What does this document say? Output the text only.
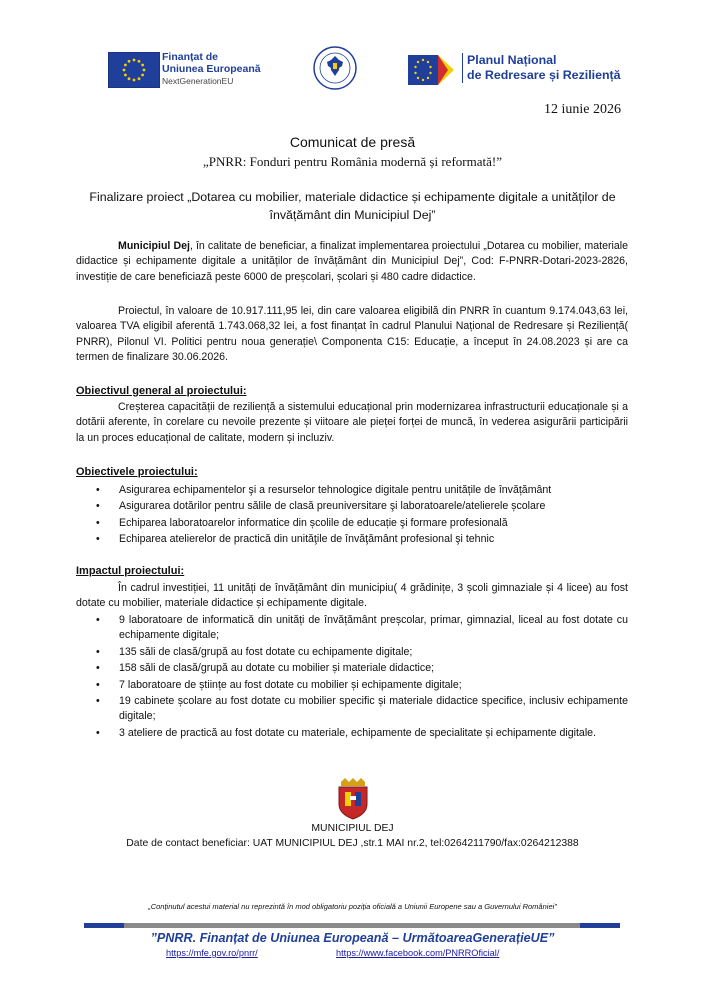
Finanțat de
Uniunea Europeană
NextGenerationEU
Planul Național
de Redresare și Reziliență
12 iunie 2026
Comunicat de presă
„PNRR: Fonduri pentru România modernă și reformată!”
Finalizare proiect „Dotarea cu mobilier, materiale didactice și echipamente digitale a unităților de învățământ din Municipiul Dej”
Municipiul Dej, în calitate de beneficiar, a finalizat implementarea proiectului „Dotarea cu mobilier, materiale didactice și echipamente digitale a unităților de învățământ din Municipiul Dej”, Cod: F-PNRR-Dotari-2023-2826, investiție de care beneficiază peste 6000 de preșcolari, școlari și 480 cadre didactice.
Proiectul, în valoare de 10.917.111,95 lei, din care valoarea eligibilă din PNRR în cuantum 9.174.043,63 lei, valoarea TVA eligibil aferentă 1.743.068,32 lei, a fost finanțat în cadrul Planului Național de Redresare și Reziliență( PNRR), Pilonul VI. Politici pentru noua generație\ Componenta C15: Educație, a început în 24.08.2023 și are ca termen de finalizare 30.06.2026.
Obiectivul general al proiectului:
Creșterea capacității de reziliență a sistemului educațional prin modernizarea infrastructurii educaționale și a dotării aferente, în corelare cu nevoile prezente și viitoare ale pieței forței de muncă, în vederea asigurării participării la un proces educațional de calitate, modern și incluziv.
Obiectivele proiectului:
• Asigurarea echipamentelor şi a resurselor tehnologice digitale pentru unitățile de învățământ
• Asigurarea dotărilor pentru sălile de clasă preuniversitare şi laboratoarele/atelierele școlare
• Echiparea laboratoarelor informatice din școlile de educație şi formare profesională
• Echiparea atelierelor de practică din unităţile de învăţământ profesional şi tehnic
Impactul proiectului:
În cadrul investiției, 11 unități de învățământ din municipiu( 4 grădinițe, 3 școli gimnaziale și 4 licee) au fost dotate cu mobilier, materiale didactice și echipamente digitale.
• 9 laboratoare de informatică din unități de învățământ preșcolar, primar, gimnazial, liceal au fost dotate cu echipamente digitale;
• 135 săli de clasă/grupă au fost dotate cu echipamente digitale;
• 158 săli de clasă/grupă au dotate cu mobilier și materiale didactice;
• 7 laboratoare de științe au fost dotate cu mobilier și echipamente digitale;
• 19 cabinete școlare au fost dotate cu mobilier specific și materiale didactice specifice, inclusiv echipamente digitale;
• 3 ateliere de practică au fost dotate cu materiale, echipamente de specialitate și echipamente digitale.
MUNICIPIUL DEJ
Date de contact beneficiar: UAT MUNICIPIUL DEJ ,str.1 MAI nr.2, tel:0264211790/fax:0264212388
„Conținutul acestui material nu reprezintă în mod obligatoriu poziția oficială a Uniunii Europene sau a Guvernului României”
”PNRR. Finanțat de Uniunea Europeană – UrmătoareaGenerațieUE”
https://mfe.gov.ro/pnrr/	https://www.facebook.com/PNRROficial/
